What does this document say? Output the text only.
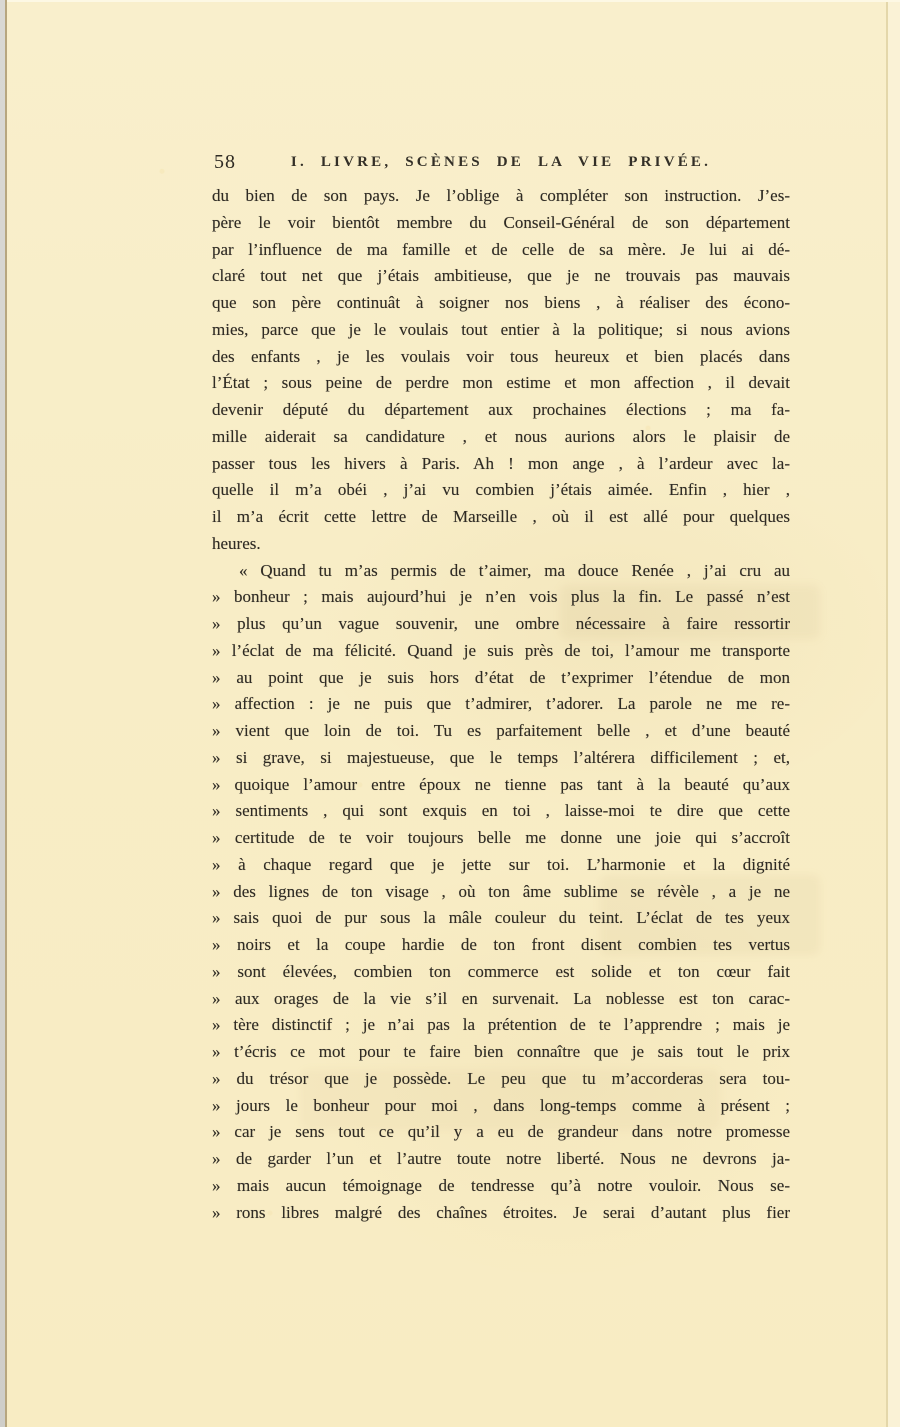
58	I. LIVRE, SCÈNES DE LA VIE PRIVÉE.
du bien de son pays. Je l’oblige à compléter son instruction. J’es-
père le voir bientôt membre du Conseil-Général de son département
par l’influence de ma famille et de celle de sa mère. Je lui ai dé-
claré tout net que j’étais ambitieuse, que je ne trouvais pas mauvais
que son père continuât à soigner nos biens , à réaliser des écono-
mies, parce que je le voulais tout entier à la politique; si nous avions
des enfants , je les voulais voir tous heureux et bien placés dans
l’État ; sous peine de perdre mon estime et mon affection , il devait
devenir député du département aux prochaines élections ; ma fa-
mille aiderait sa candidature , et nous aurions alors le plaisir de
passer tous les hivers à Paris. Ah ! mon ange , à l’ardeur avec la-
quelle il m’a obéi , j’ai vu combien j’étais aimée. Enfin , hier ,
il m’a écrit cette lettre de Marseille , où il est allé pour quelques
heures.
« Quand tu m’as permis de t’aimer, ma douce Renée , j’ai cru au
» bonheur ; mais aujourd’hui je n’en vois plus la fin. Le passé n’est
» plus qu’un vague souvenir, une ombre nécessaire à faire ressortir
» l’éclat de ma félicité. Quand je suis près de toi, l’amour me transporte
» au point que je suis hors d’état de t’exprimer l’étendue de mon
» affection : je ne puis que t’admirer, t’adorer. La parole ne me re-
» vient que loin de toi. Tu es parfaitement belle , et d’une beauté
» si grave, si majestueuse, que le temps l’altérera difficilement ; et,
» quoique l’amour entre époux ne tienne pas tant à la beauté qu’aux
» sentiments , qui sont exquis en toi , laisse-moi te dire que cette
» certitude de te voir toujours belle me donne une joie qui s’accroît
» à chaque regard que je jette sur toi. L’harmonie et la dignité
» des lignes de ton visage , où ton âme sublime se révèle , a je ne
» sais quoi de pur sous la mâle couleur du teint. L’éclat de tes yeux
» noirs et la coupe hardie de ton front disent combien tes vertus
» sont élevées, combien ton commerce est solide et ton cœur fait
» aux orages de la vie s’il en survenait. La noblesse est ton carac-
» tère distinctif ; je n’ai pas la prétention de te l’apprendre ; mais je
» t’écris ce mot pour te faire bien connaître que je sais tout le prix
» du trésor que je possède. Le peu que tu m’accorderas sera tou-
» jours le bonheur pour moi , dans long-temps comme à présent ;
» car je sens tout ce qu’il y a eu de grandeur dans notre promesse
» de garder l’un et l’autre toute notre liberté. Nous ne devrons ja-
» mais aucun témoignage de tendresse qu’à notre vouloir. Nous se-
» rons libres malgré des chaînes étroites. Je serai d’autant plus fier
